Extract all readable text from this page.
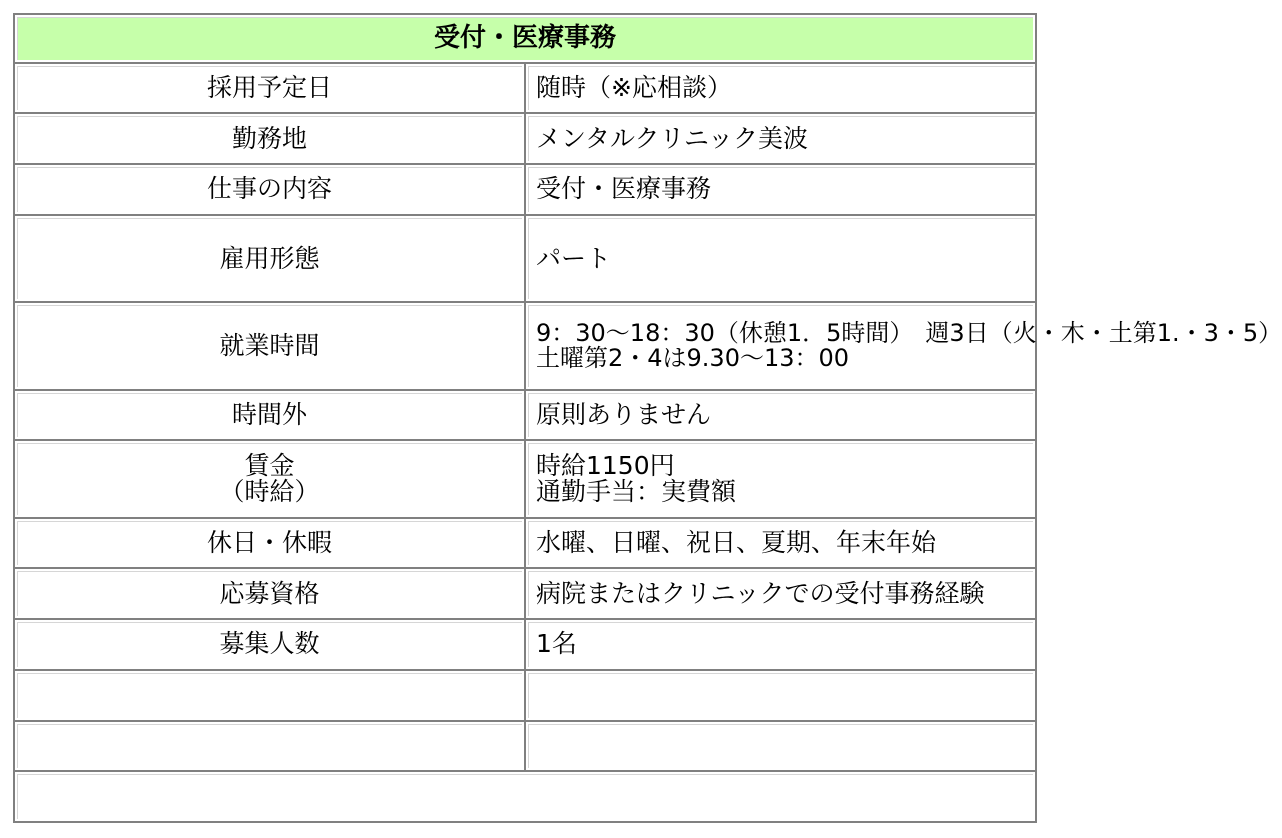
受付・医療事務	
採用予定日	随時（※応相談）

勤務地	メンタルクリニック美波

仕事の内容	受付・医療事務

雇用形態	パート

就業時間	9：30～18：30（休憩1．5時間）　週3日（火・木・土第1.・3・5）
土曜第2・4は9.30～13：00

時間外	原則ありません

賃金
（時給）	時給1150円
通勤手当：実費額

休日・休暇	水曜、日曜、祝日、夏期、年末年始

応募資格	病院またはクリニックでの受付事務経験

募集人数	1名
